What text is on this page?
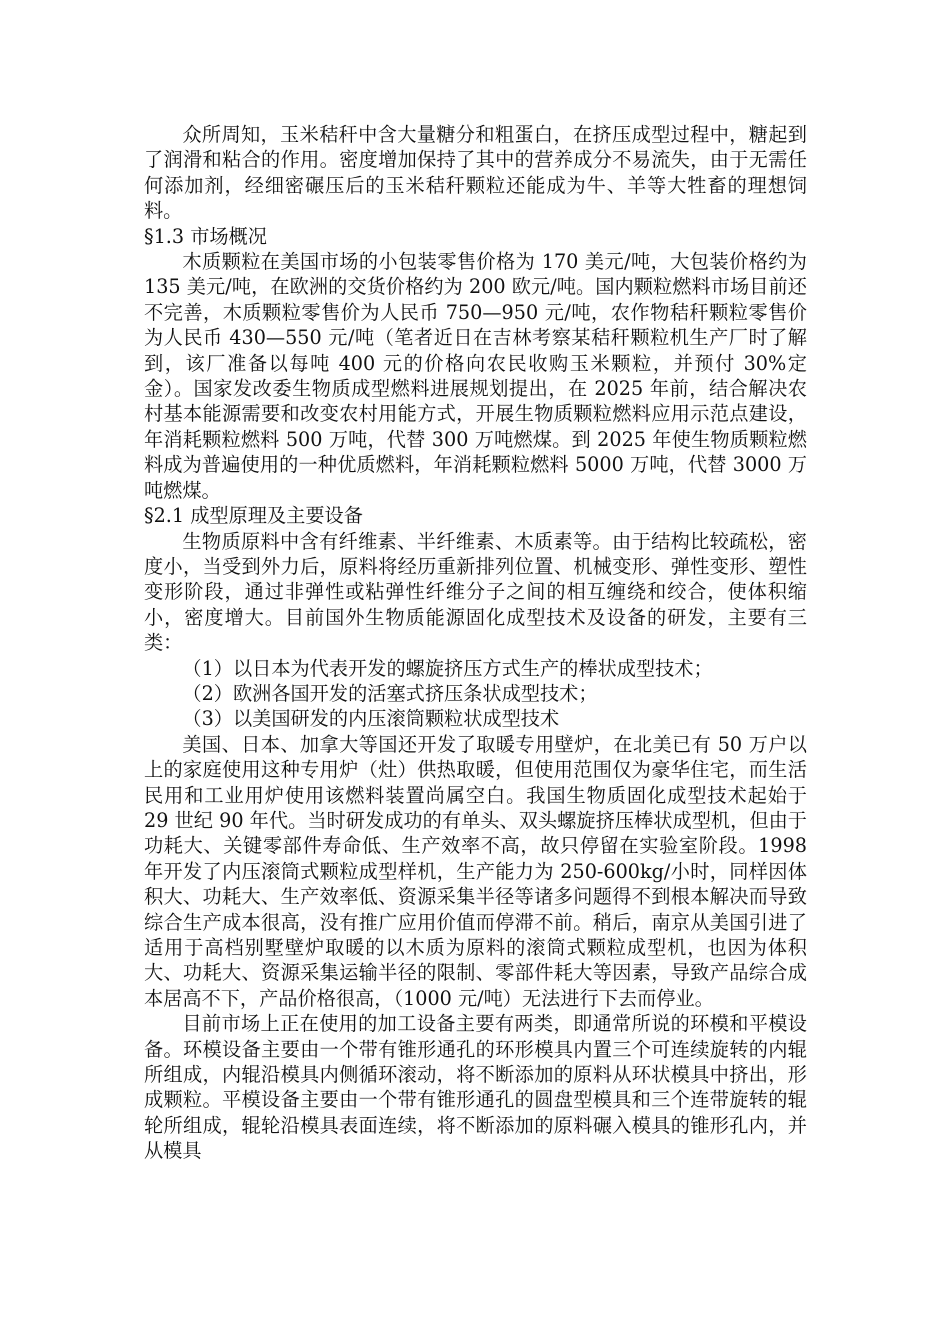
众所周知，玉米秸秆中含大量糖分和粗蛋白，在挤压成型过程中，糖起到了润滑和粘合的作用。密度增加保持了其中的营养成分不易流失，由于无需任何添加剂，经细密碾压后的玉米秸秆颗粒还能成为牛、羊等大牲畜的理想饲料。

§1.3 市场概况

木质颗粒在美国市场的小包装零售价格为 170 美元/吨，大包装价格约为 135 美元/吨，在欧洲的交货价格约为 200 欧元/吨。国内颗粒燃料市场目前还不完善，木质颗粒零售价为人民币 750—950 元/吨，农作物秸秆颗粒零售价为人民币 430—550 元/吨（笔者近日在吉林考察某秸秆颗粒机生产厂时了解到，该厂准备以每吨 400 元的价格向农民收购玉米颗粒，并预付 30%定金）。国家发改委生物质成型燃料进展规划提出，在 2025 年前，结合解决农村基本能源需要和改变农村用能方式，开展生物质颗粒燃料应用示范点建设，年消耗颗粒燃料 500 万吨，代替 300 万吨燃煤。到 2025 年使生物质颗粒燃料成为普遍使用的一种优质燃料，年消耗颗粒燃料 5000 万吨，代替 3000 万吨燃煤。

§2.1 成型原理及主要设备

生物质原料中含有纤维素、半纤维素、木质素等。由于结构比较疏松，密度小，当受到外力后，原料将经历重新排列位置、机械变形、弹性变形、塑性变形阶段，通过非弹性或粘弹性纤维分子之间的相互缠绕和绞合，使体积缩小，密度增大。目前国外生物质能源固化成型技术及设备的研发，主要有三类：

（1）以日本为代表开发的螺旋挤压方式生产的棒状成型技术；

（2）欧洲各国开发的活塞式挤压条状成型技术；

（3）以美国研发的内压滚筒颗粒状成型技术

美国、日本、加拿大等国还开发了取暖专用壁炉，在北美已有 50 万户以上的家庭使用这种专用炉（灶）供热取暖，但使用范围仅为豪华住宅，而生活民用和工业用炉使用该燃料装置尚属空白。我国生物质固化成型技术起始于 29 世纪 90 年代。当时研发成功的有单头、双头螺旋挤压棒状成型机，但由于功耗大、关键零部件寿命低、生产效率不高，故只停留在实验室阶段。1998 年开发了内压滚筒式颗粒成型样机，生产能力为 250-600kg/小时，同样因体积大、功耗大、生产效率低、资源采集半径等诸多问题得不到根本解决而导致综合生产成本很高，没有推广应用价值而停滞不前。稍后，南京从美国引进了适用于高档别墅壁炉取暖的以木质为原料的滚筒式颗粒成型机，也因为体积大、功耗大、资源采集运输半径的限制、零部件耗大等因素，导致产品综合成本居高不下，产品价格很高，（1000 元/吨）无法进行下去而停业。

目前市场上正在使用的加工设备主要有两类，即通常所说的环模和平模设备。环模设备主要由一个带有锥形通孔的环形模具内置三个可连续旋转的内辊所组成，内辊沿模具内侧循环滚动，将不断添加的原料从环状模具中挤出，形成颗粒。平模设备主要由一个带有锥形通孔的圆盘型模具和三个连带旋转的辊轮所组成，辊轮沿模具表面连续，将不断添加的原料碾入模具的锥形孔内，并从模具
